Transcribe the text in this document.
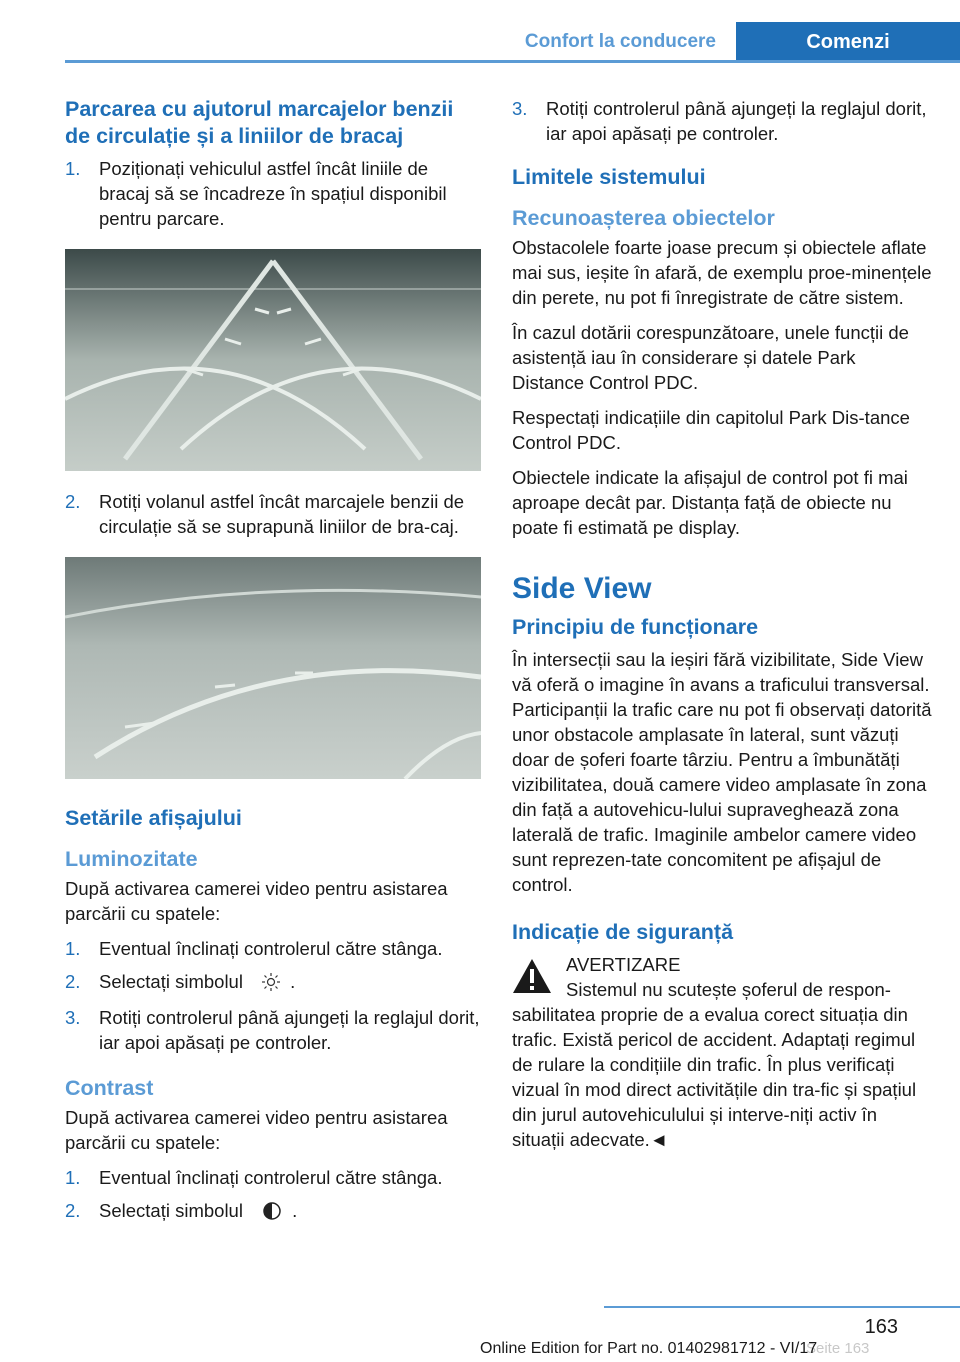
Confort la conducere	Comenzi
Parcarea cu ajutorul marcajelor benzii de circulație și a liniilor de bracaj
1. Poziționați vehiculul astfel încât liniile de bracaj să se încadreze în spațiul disponibil pentru parcare.
2. Rotiți volanul astfel încât marcajele benzii de circulație să se suprapună liniilor de bra-caj.
Setările afișajului
Luminozitate

După activarea camerei video pentru asistarea parcării cu spatele:

1. Eventual înclinați controlerul către stânga.
2. Selectați simbolul	.
3. Rotiți controlerul până ajungeți la reglajul dorit, iar apoi apăsați pe controler.
Contrast

După activarea camerei video pentru asistarea parcării cu spatele:

1. Eventual înclinați controlerul către stânga.
2. Selectați simbolul	.
3. Rotiți controlerul până ajungeți la reglajul dorit, iar apoi apăsați pe controler.
Limitele sistemului
Recunoașterea obiectelor

Obstacolele foarte joase precum și obiectele aflate mai sus, ieșite în afară, de exemplu proe-minențele din perete, nu pot fi înregistrate de către sistem.

În cazul dotării corespunzătoare, unele funcții de asistență iau în considerare și datele Park Distance Control PDC.

Respectați indicațiile din capitolul Park Dis-tance Control PDC.

Obiectele indicate la afișajul de control pot fi mai aproape decât par. Distanța față de obiecte nu poate fi estimată pe display.

Side View
Principiu de funcționare

În intersecții sau la ieșiri fără vizibilitate, Side View vă oferă o imagine în avans a traficului transversal. Participanții la trafic care nu pot fi observați datorită unor obstacole amplasate în lateral, sunt văzuți doar de șoferi foarte târziu. Pentru a îmbunătăți vizibilitatea, două camere video amplasate în zona din față a autovehicu-lului supraveghează zona laterală de trafic. Imaginile ambelor camere video sunt reprezen-tate concomitent pe afișajul de control.

Indicație de siguranță

AVERTIZARE

Sistemul nu scutește șoferul de respon-sabilitatea proprie de a evalua corect situația din trafic. Există pericol de accident. Adaptați regimul de rulare la condițiile din trafic. În plus verificați vizual în mod direct activitățile din tra-fic și spațiul din jurul autovehiculului și interve-niți activ în situații adecvate.◄

163
Seite 163
Online Edition for Part no. 01402981712 - VI/17
